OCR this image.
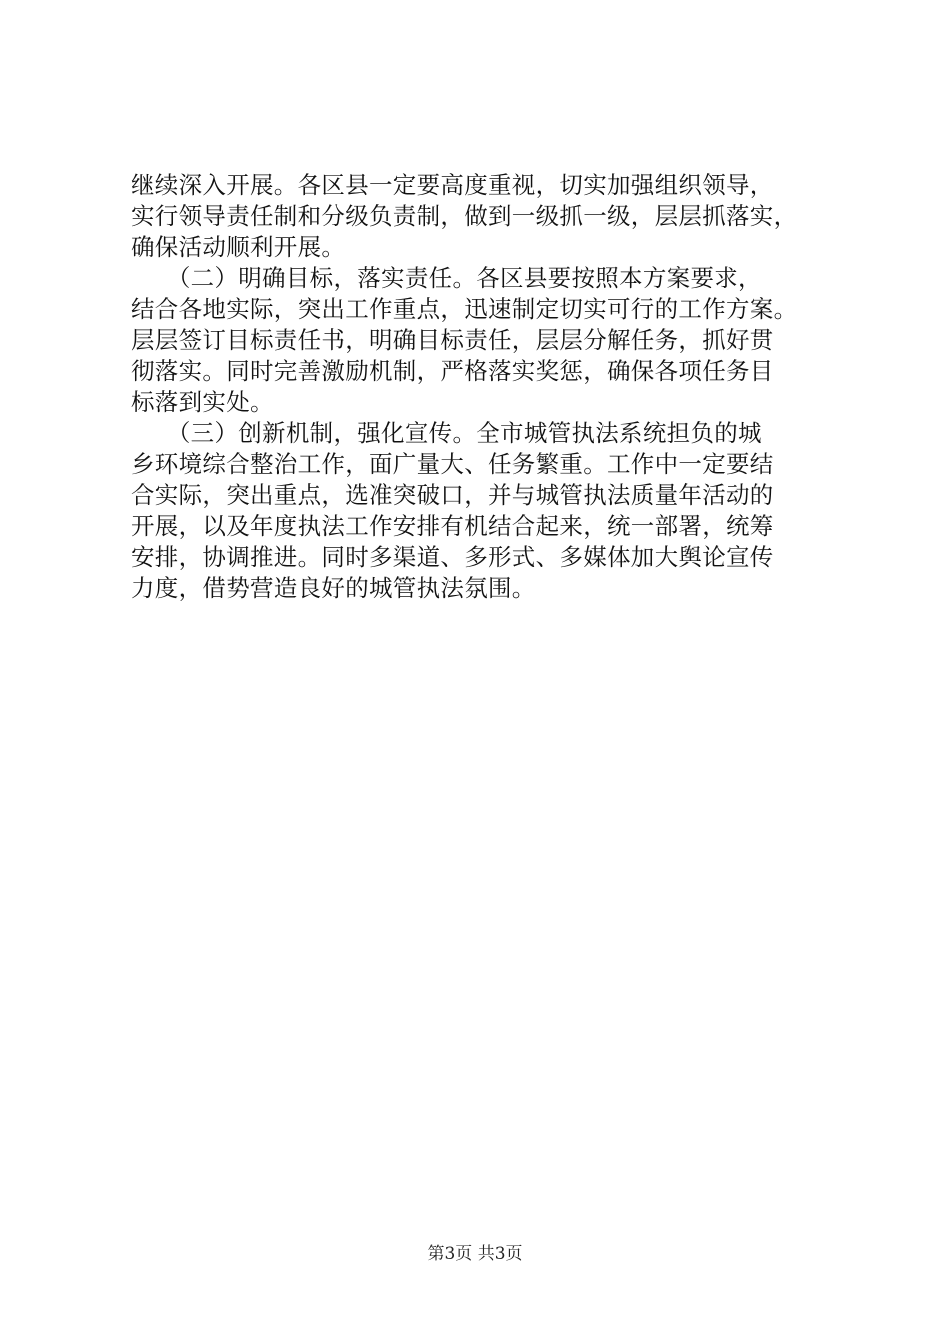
继续深入开展。各区县一定要高度重视，切实加强组织领导，
实行领导责任制和分级负责制，做到一级抓一级，层层抓落实，
确保活动顺利开展。
　　（二）明确目标，落实责任。各区县要按照本方案要求，
结合各地实际，突出工作重点，迅速制定切实可行的工作方案。
层层签订目标责任书，明确目标责任，层层分解任务，抓好贯
彻落实。同时完善激励机制，严格落实奖惩，确保各项任务目
标落到实处。
　　（三）创新机制，强化宣传。全市城管执法系统担负的城
乡环境综合整治工作，面广量大、任务繁重。工作中一定要结
合实际，突出重点，选准突破口，并与城管执法质量年活动的
开展，以及年度执法工作安排有机结合起来，统一部署，统筹
安排，协调推进。同时多渠道、多形式、多媒体加大舆论宣传
力度，借势营造良好的城管执法氛围。
第3页 共3页
